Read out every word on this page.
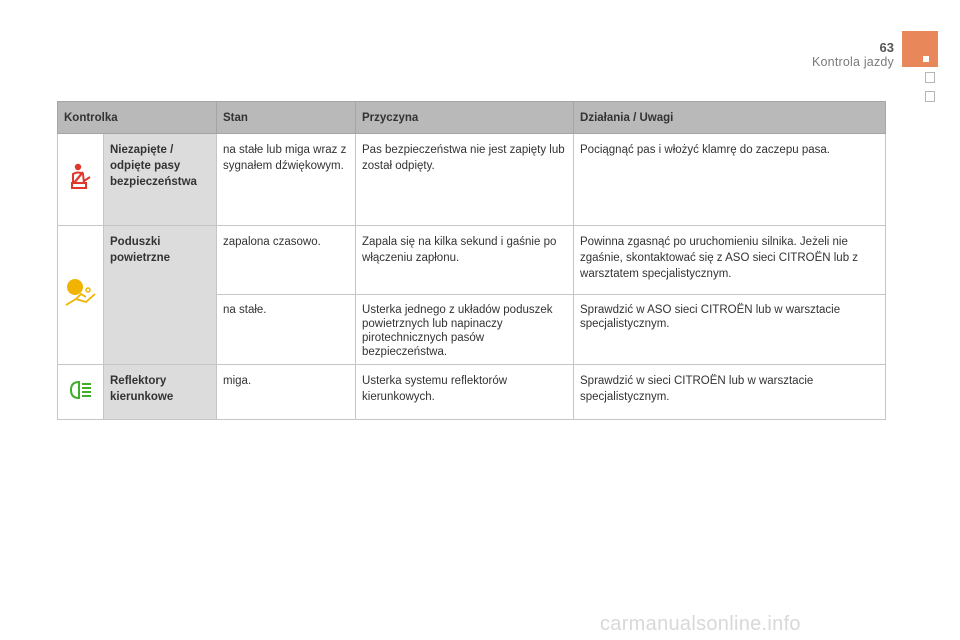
63
Kontrola jazdy
Kontrolka		Stan	Przyczyna	Działania / Uwagi
	Niezapięte / odpięte pasy bezpieczeństwa	na stałe lub miga wraz z sygnałem dźwiękowym.	Pas bezpieczeństwa nie jest zapięty lub został odpięty.	Pociągnąć pas i włożyć klamrę do zaczepu pasa.
	Poduszki powietrzne	zapalona czasowo.	Zapala się na kilka sekund i gaśnie po włączeniu zapłonu.	Powinna zgasnąć po uruchomieniu silnika. Jeżeli nie zgaśnie, skontaktować się z ASO sieci CITROËN lub z warsztatem specjalistycznym.
		na stałe.	Usterka jednego z układów poduszek powietrznych lub napinaczy pirotechnicznych pasów bezpieczeństwa.	Sprawdzić w ASO sieci CITROËN lub w warsztacie specjalistycznym.
	Reflektory kierunkowe	miga.	Usterka systemu reflektorów kierunkowych.	Sprawdzić w sieci CITROËN lub w warsztacie specjalistycznym.
carmanualsonline.info
